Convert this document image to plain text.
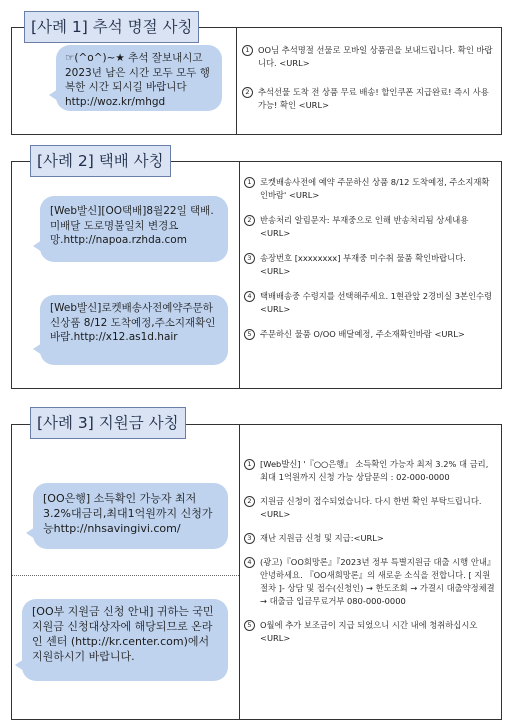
[사례 1] 추석 명절 사칭
☞(^o^)~★ 추석 잘보내시고 2023년 남은 시간 모두 모두 행복한 시간 되시길 바랍니다 http://woz.kr/mhgd
1	OO님 추석명절 선물로 모바일 상품권을 보내드립니다. 확인 바랍니다. <URL>
2	추석선물 도착 전 상품 무료 배송! 할인쿠폰 지급완료! 즉시 사용가능! 확인 <URL>
[사례 2] 택배 사칭
[Web발신][OO택배]8월22일 택배. 미배달 도로명불일치 변경요망.http://napoa.rzhda.com
[Web발신]로켓배송사전예약주문하신상품 8/12 도착예정,주소지재확인바람.http://x12.as1d.hair
1	로켓배송사전에 예약 주문하신 상품 8/12 도착예정, 주소지재확인바람' <URL>
2	반송처리 알림문자: 부재중으로 인해 반송처리됨 상세내용 <URL>
3	송장번호 [xxxxxxxx] 부재중 미수취 물품 확인바랍니다. <URL>
4	택배배송중 수령지를 선택해주세요. 1현관앞 2경비실 3본인수령 <URL>
5	주문하신 물품 O/OO 배달예정, 주소재확인바람 <URL>
[사례 3] 지원금 사칭
[OO은행] 소득확인 가능자 최저3.2%대금리,최대1억원까지 신청가능http://nhsavingivi.com/
[OO부 지원금 신청 안내] 귀하는 국민지원금 신청대상자에 해당되므로 온라인 센터 (http://kr.center.com)에서 지원하시기 바랍니다.
1	[Web발신] '『○○은행』 소득확인 가능자 최저 3.2% 대 금리, 최대 1억원까지 신청 가능 상담문의 : 02-000-0000
2	지원금 신청이 접수되었습니다. 다시 한번 확인 부탁드립니다. <URL>
3	재난 지원금 신청 및 지급:<URL>
4	(광고)『OO회망론』『2023년 정부 특별지원금 대출 시행 안내』 안녕하세요. 『OO새희망론』의 새로운 소식을 전합니다. [ 지원절차 ]- 상담 및 접수(신청인) → 한도조회 → 가결시 대출약정체결 → 대출금 입금무료거부 080-000-0000
5	O월에 추가 보조금이 지급 되었으니 시간 내에 청취하십시오 <URL>
